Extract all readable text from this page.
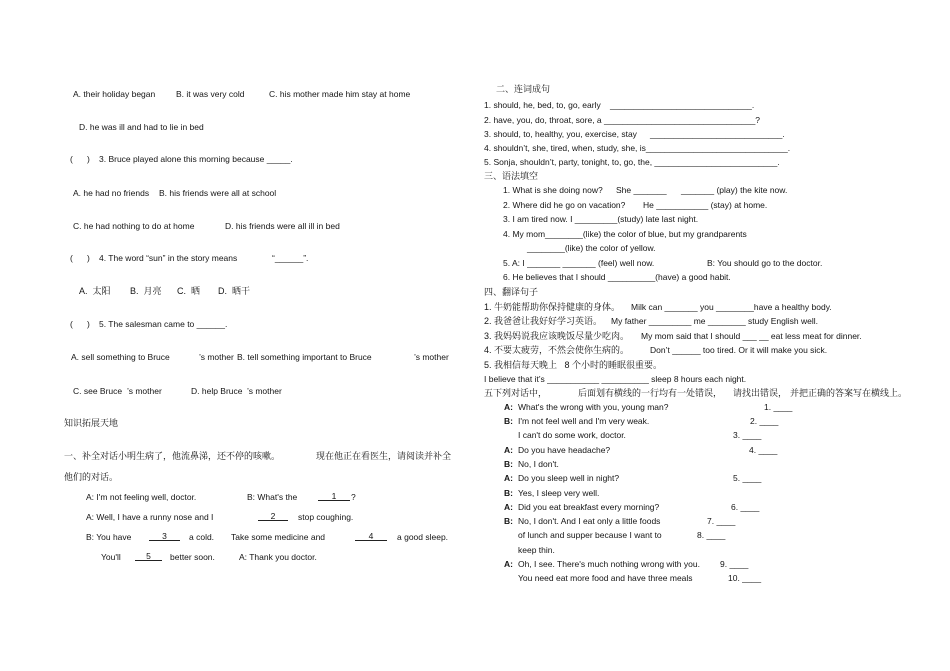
A. their holiday began B. it was very cold	C. his mother made him stay at home
D. he was ill and had to lie in bed
(      ) 3. Bruce played alone this morning because _____.
A. he had no friends B. his friends were all at school
C. he had nothing to do at home	D. his friends were all ill in bed
(      ) 4. The word “sun” in the story means	“______”.
A.  太阳 B.  月亮 C.  晒 D.  晒干
(      ) 5. The salesman came to ______.
A. sell something to Bruce	’s mother B. tell something important to Bruce	’s mother
C. see Bruce ’s mother	D. help Bruce ’s mother
知识拓展天地
一、补全对话小明生病了，他流鼻涕，还不停的咳嗽。	现在他正在看医生，请阅读并补全
他们的对话。
A: I'm not feeling well, doctor.	B: What's the	1	?
A: Well, I have a runny nose and I	2	stop coughing.
B: You have	3	a cold. Take some medicine and	4	a good sleep.
You'll	5	better soon.	A: Thank you doctor.
二、连词成句
1. should, he, bed, to, go, early ______________________________.
2. have, you, do, throat, sore, a ________________________________?
3. should, to, healthy, you, exercise, stay ____________________________.
4. shouldn’t, she, tired, when, study, she, is______________________________.
5. Sonja, shouldn’t, party, tonight, to, go, the, __________________________.
三、语法填空
1. What is she doing now? She _______ _______ (play) the kite now.
2. Where did he go on vacation? He ___________ (stay) at home.
3. I am tired now. I _________(study) late last night.
4. My mom________(like) the color of blue, but my grandparents
________(like) the color of yellow.
5. A: I _______ _______ (feel) well now.	B: You should go to the doctor.
6. He believes that I should __________(have) a good habit.
四、翻译句子
1. 牛奶能帮助你保持健康的身体。 Milk can _______ you ________have a healthy body.
2. 我爸爸让我好好学习英语。 My father _________ me ________ study English well.
3. 我妈妈说我应该晚饭尽量少吃肉。 My mom said that I should ___ __ eat less meat for dinner.
4. 不要太疲劳，不然会使你生病的。 Don’t ______ too tired. Or it will make you sick.
5. 我相信每天晚上   8 个小时的睡眠很重要。
I believe that it’s ___________ __________ sleep 8 hours each night.
五下列对话中，	后面划有横线的一行均有一处错误， 请找出错误， 并把正确的答案写在横线上。
A: What's the wrong with you, young man?	1. ____
B: I'm not feel well and I'm very weak.	2. ____
I can't do some work, doctor.	3. ____
A: Do you have headache?	4. ____
B: No, I don't.
A: Do you sleep well in night?	5. ____
B: Yes, I sleep very well.
A: Did you eat breakfast every morning?	6. ____
B: No, I don't. And I eat only a little foods	7. ____
of lunch and supper because I want to	8. ____
keep thin.
A: Oh, I see. There's much nothing wrong with you. 9. ____
You need eat more food and have three meals	10. ____
